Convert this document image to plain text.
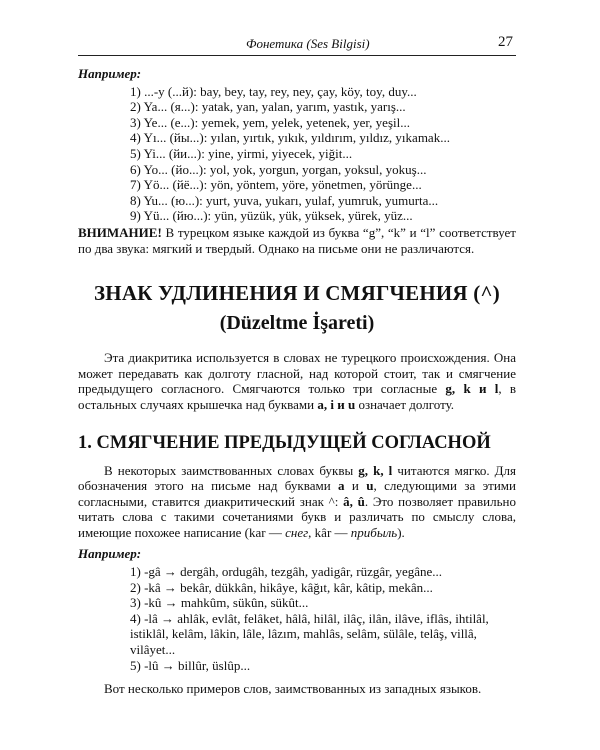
Фонетика (Ses Bilgisi)	27

Например:

1) ...-у (...й): bay, bey, tay, rey, ney, çay, köy, toy, duy...
2) Ya... (я...): yatak, yan, yalan, yarım, yastık, yarış...
3) Ye... (е...): yemek, yem, yelek, yetenek, yer, yeşil...
4) Yı... (йы...): yılan, yırtık, yıkık, yıldırım, yıldız, yıkamak...
5) Yi... (йи...): yine, yirmi, yiyecek, yiğit...
6) Yo... (йо...): yol, yok, yorgun, yorgan, yoksul, yokuş...
7) Yö... (йё...): yön, yöntem, yöre, yönetmen, yörünge...
8) Yu... (ю...): yurt, yuva, yukarı, yulaf, yumruk, yumurta...
9) Yü... (йю...): yün, yüzük, yük, yüksek, yürek, yüz...

ВНИМАНИЕ! В турецком языке каждой из буква “g”, “k” и “l” соответствует по два звука: мягкий и твердый. Однако на письме они не различаются.

ЗНАК УДЛИНЕНИЯ И СМЯГЧЕНИЯ (^)
(Düzeltme İşareti)

Эта диакритика используется в словах не турецкого происхождения. Она может передавать как долготу гласной, над которой стоит, так и смягчение предыдущего согласного. Смягчаются только три согласные g, k и l, в остальных случаях крышечка над буквами a, i и u означает долготу.

1. СМЯГЧЕНИЕ ПРЕДЫДУЩЕЙ СОГЛАСНОЙ

В некоторых заимствованных словах буквы g, k, l читаются мягко. Для обозначения этого на письме над буквами a и u, следующими за этими согласными, ставится диакритический знак ^: â, û. Это позволяет правильно читать слова с такими сочетаниями букв и различать по смыслу слова, имеющие похожее написание (kar — снег, kâr — прибыль).

Например:

1) -gâ → dergâh, ordugâh, tezgâh, yadigâr, rüzgâr, yegâne...
2) -kâ → bekâr, dükkân, hikâye, kâğıt, kâr, kâtip, mekân...
3) -kû → mahkûm, sükûn, sükût...
4) -lâ → ahlâk, evlât, felâket, hâlâ, hilâl, ilâç, ilân, ilâve, iflâs, ihtilâl, istiklâl, kelâm, lâkin, lâle, lâzım, mahlâs, selâm, sülâle, telâş, villâ, vilâyet...
5) -lû → billûr, üslûp...

Вот несколько примеров слов, заимствованных из западных языков.
